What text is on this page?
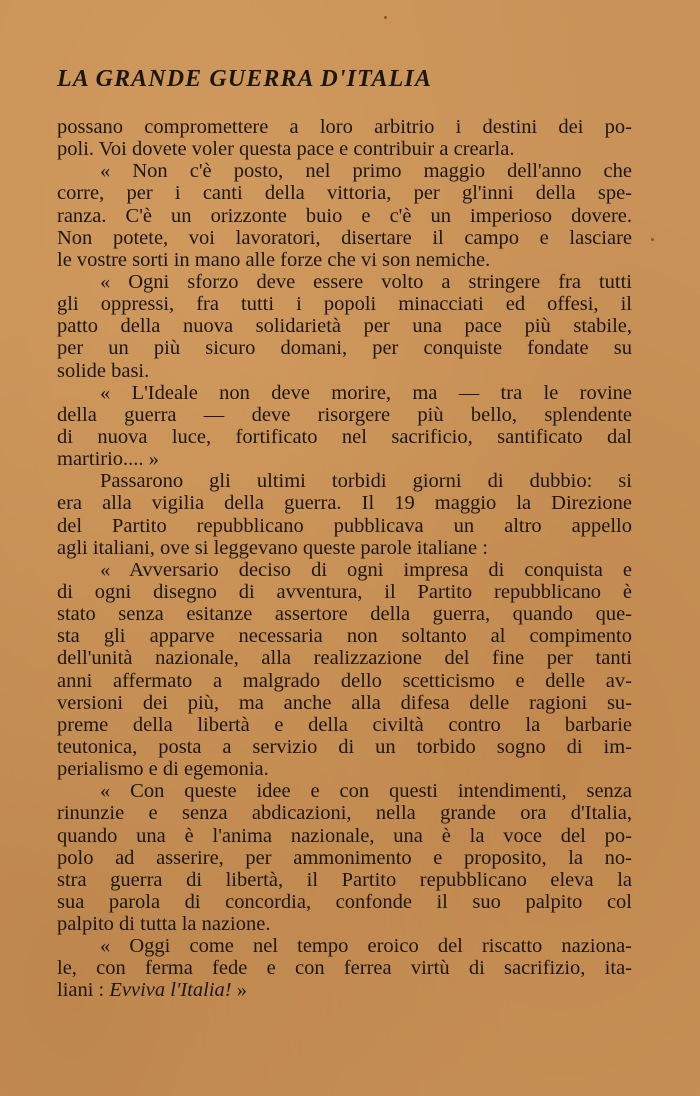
LA GRANDE GUERRA D'ITALIA

possano compromettere a loro arbitrio i destini dei po-
poli. Voi dovete voler questa pace e contribuir a crearla.

« Non c'è posto, nel primo maggio dell'anno che
corre, per i canti della vittoria, per gl'inni della spe-
ranza. C'è un orizzonte buio e c'è un imperioso dovere.
Non potete, voi lavoratori, disertare il campo e lasciare
le vostre sorti in mano alle forze che vi son nemiche.

« Ogni sforzo deve essere volto a stringere fra tutti
gli oppressi, fra tutti i popoli minacciati ed offesi, il
patto della nuova solidarietà per una pace più stabile,
per un più sicuro domani, per conquiste fondate su
solide basi.

« L'Ideale non deve morire, ma — tra le rovine
della guerra — deve risorgere più bello, splendente
di nuova luce, fortificato nel sacrificio, santificato dal
martirio.... »

Passarono gli ultimi torbidi giorni di dubbio: si
era alla vigilia della guerra. Il 19 maggio la Direzione
del Partito repubblicano pubblicava un altro appello
agli italiani, ove si leggevano queste parole italiane :

« Avversario deciso di ogni impresa di conquista e
di ogni disegno di avventura, il Partito repubblicano è
stato senza esitanze assertore della guerra, quando que-
sta gli apparve necessaria non soltanto al compimento
dell'unità nazionale, alla realizzazione del fine per tanti
anni affermato a malgrado dello scetticismo e delle av-
versioni dei più, ma anche alla difesa delle ragioni su-
preme della libertà e della civiltà contro la barbarie
teutonica, posta a servizio di un torbido sogno di im-
perialismo e di egemonia.

« Con queste idee e con questi intendimenti, senza
rinunzie e senza abdicazioni, nella grande ora d'Italia,
quando una è l'anima nazionale, una è la voce del po-
polo ad asserire, per ammonimento e proposito, la no-
stra guerra di libertà, il Partito repubblicano eleva la
sua parola di concordia, confonde il suo palpito col
palpito di tutta la nazione.

« Oggi come nel tempo eroico del riscatto naziona-
le, con ferma fede e con ferrea virtù di sacrifizio, ita-
liani : Evviva l'Italia! »
